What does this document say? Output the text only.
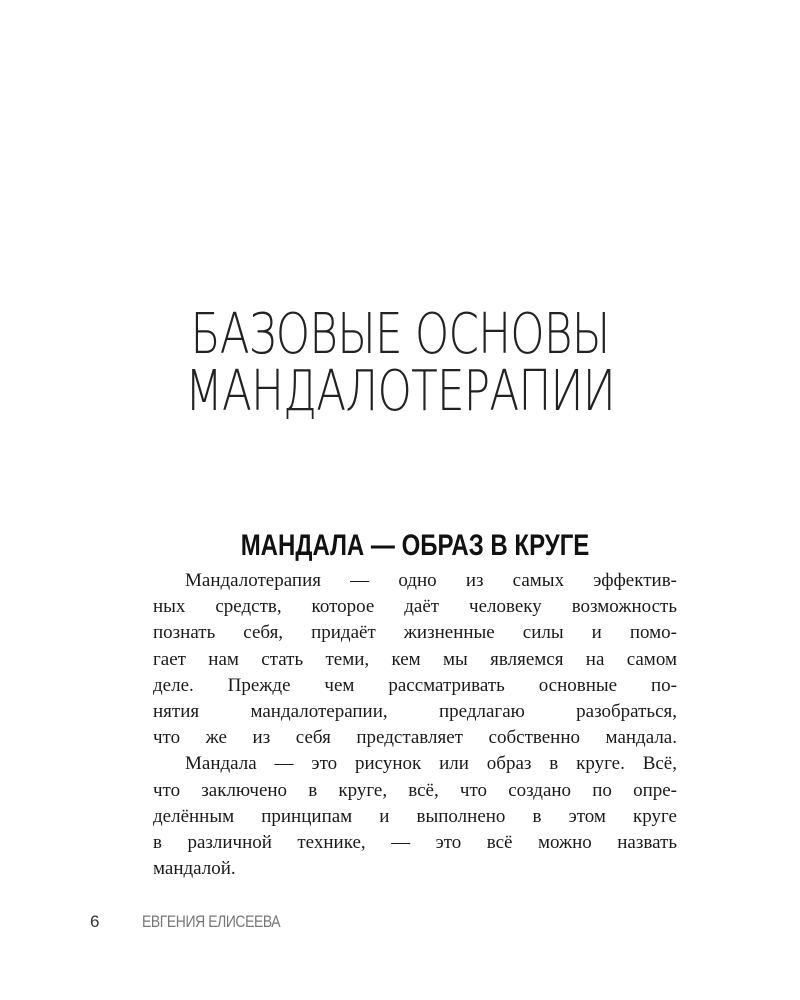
БАЗОВЫЕ ОСНОВЫ
МАНДАЛОТЕРАПИИ
МАНДАЛА — ОБРАЗ В КРУГЕ
Мандалотерапия — одно из самых эффектив-
ных средств, которое даёт человеку возможность
познать себя, придаёт жизненные силы и помо-
гает нам стать теми, кем мы являемся на самом
деле. Прежде чем рассматривать основные по-
нятия мандалотерапии, предлагаю разобраться,
что же из себя представляет собственно мандала.
Мандала — это рисунок или образ в круге. Всё,
что заключено в круге, всё, что создано по опре-
делённым принципам и выполнено в этом круге
в различной технике, — это всё можно назвать
мандалой.
6	ЕВГЕНИЯ ЕЛИСЕЕВА
